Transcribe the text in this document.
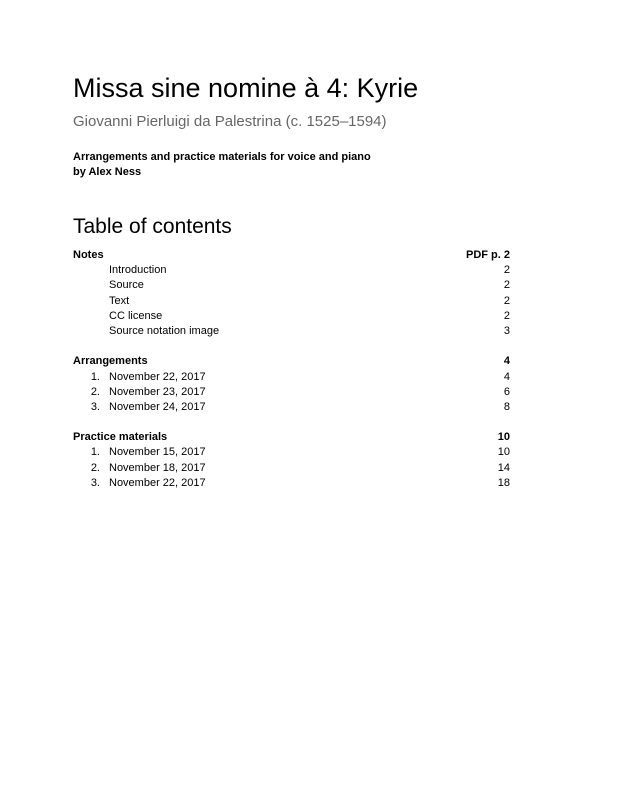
Missa sine nomine à 4: Kyrie
Giovanni Pierluigi da Palestrina (c. 1525–1594)
Arrangements and practice materials for voice and piano
by Alex Ness
Table of contents
Notes	PDF p. 2
Introduction	2
Source	2
Text	2
CC license	2
Source notation image	3
Arrangements	4
1. November 22, 2017	4
2. November 23, 2017	6
3. November 24, 2017	8
Practice materials	10
1. November 15, 2017	10
2. November 18, 2017	14
3. November 22, 2017	18
